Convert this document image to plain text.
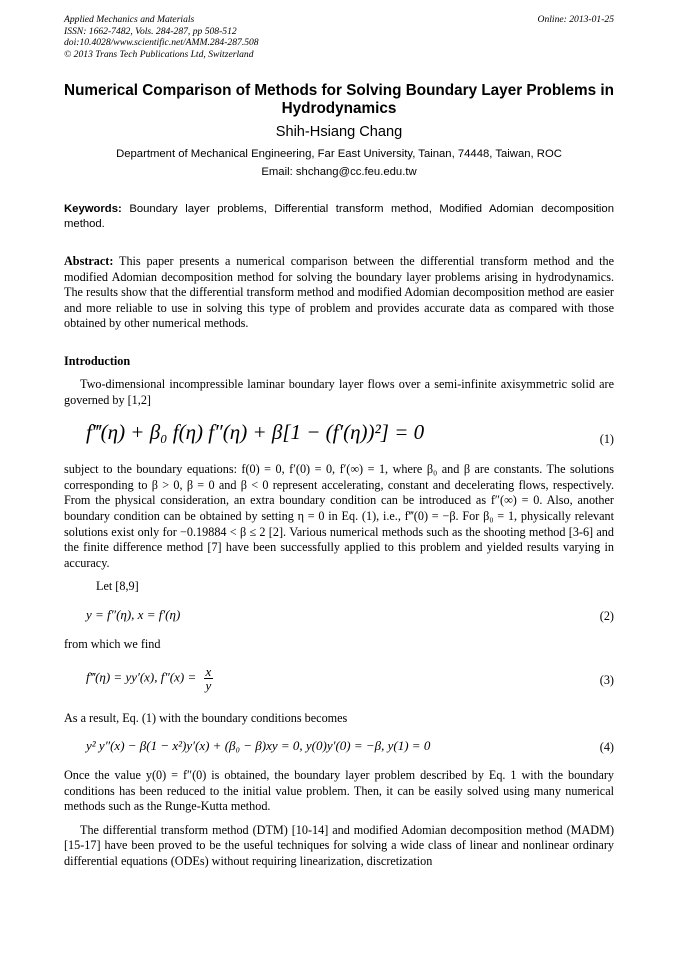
Applied Mechanics and Materials
ISSN: 1662-7482, Vols. 284-287, pp 508-512
doi:10.4028/www.scientific.net/AMM.284-287.508
© 2013 Trans Tech Publications Ltd, Switzerland
Online: 2013-01-25
Numerical Comparison of Methods for Solving Boundary Layer Problems in Hydrodynamics
Shih-Hsiang Chang
Department of Mechanical Engineering, Far East University, Tainan, 74448, Taiwan, ROC
Email: shchang@cc.feu.edu.tw
Keywords: Boundary layer problems, Differential transform method, Modified Adomian decomposition method.
Abstract: This paper presents a numerical comparison between the differential transform method and the modified Adomian decomposition method for solving the boundary layer problems arising in hydrodynamics. The results show that the differential transform method and modified Adomian decomposition method are easier and more reliable to use in solving this type of problem and provides accurate data as compared with those obtained by other numerical methods.
Introduction

Two-dimensional incompressible laminar boundary layer flows over a semi-infinite axisymmetric solid are governed by [1,2]

f‴(η) + β₀ f(η) f″(η) + β[1 − (f′(η))²] = 0	(1)

subject to the boundary equations: f(0) = 0, f′(0) = 0, f′(∞) = 1, where β₀ and β are constants. The solutions corresponding to β > 0, β = 0 and β < 0 represent accelerating, constant and decelerating flows, respectively. From the physical consideration, an extra boundary condition can be introduced as f″(∞) = 0. Also, another boundary condition can be obtained by setting η = 0 in Eq. (1), i.e., f‴(0) = −β. For β₀ = 1, physically relevant solutions exist only for −0.19884 < β ≤ 2 [2]. Various numerical methods such as the shooting method [3-6] and the finite difference method [7] have been successfully applied to this problem and yielded results varying in accuracy.

Let [8,9]

y = f″(η), x = f′(η)	(2)

from which we find

f‴(η) = yy′(x), $f''(x) = \frac{x}{y}$	(3)

As a result, Eq. (1) with the boundary conditions becomes

y² y″(x) − β(1 − x²)y′(x) + (β₀ − β)xy = 0, y(0)y′(0) = −β, y(1) = 0	(4)

Once the value y(0) = f″(0) is obtained, the boundary layer problem described by Eq. 1 with the boundary conditions has been reduced to the initial value problem. Then, it can be easily solved using many numerical methods such as the Runge-Kutta method.

The differential transform method (DTM) [10-14] and modified Adomian decomposition method (MADM) [15-17] have been proved to be the useful techniques for solving a wide class of linear and nonlinear ordinary differential equations (ODEs) without requiring linearization, discretization
